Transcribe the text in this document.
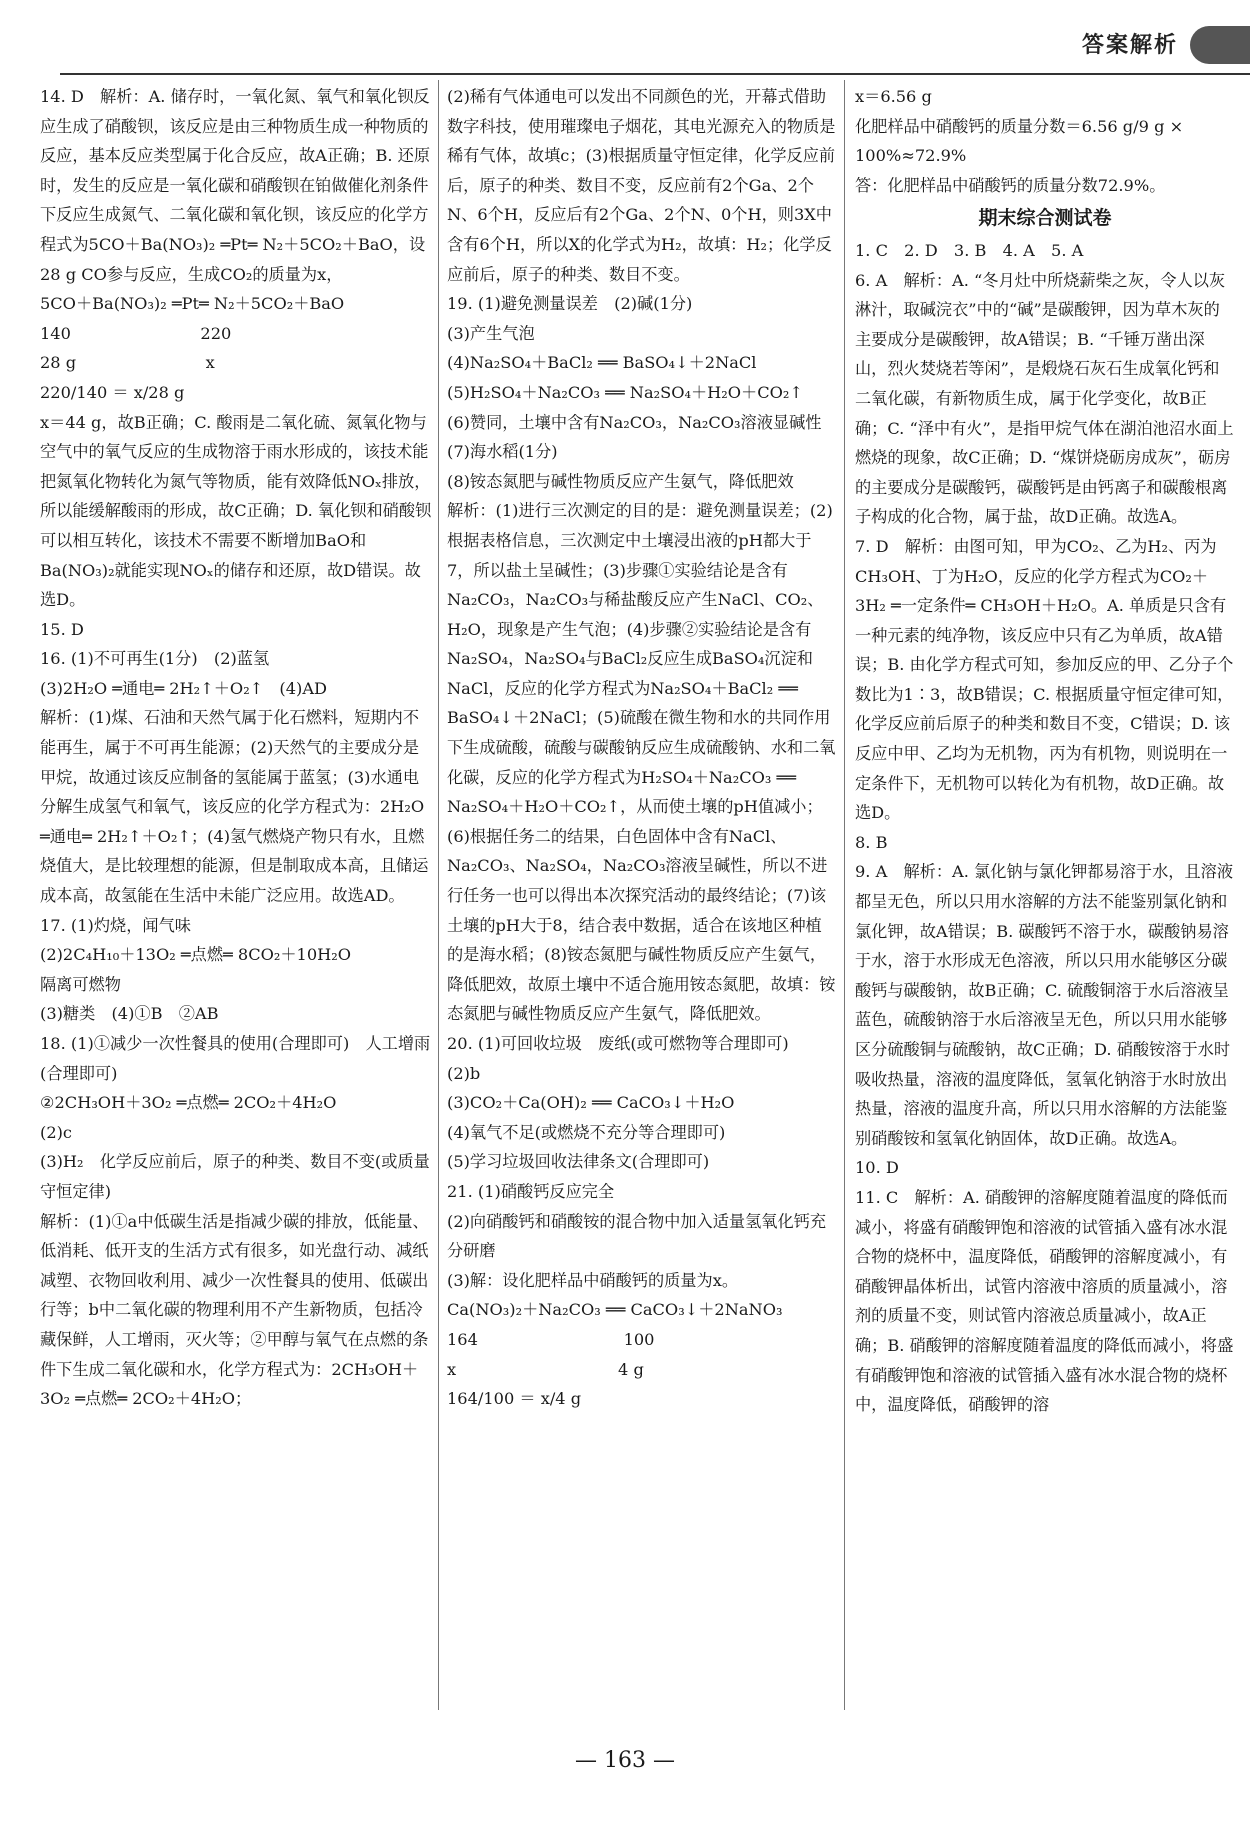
答案解析
14. D　解析：A. 储存时，一氧化氮、氧气和氧化钡反应生成了硝酸钡，该反应是由三种物质生成一种物质的反应，基本反应类型属于化合反应，故A正确；B. 还原时，发生的反应是一氧化碳和硝酸钡在铂做催化剂条件下反应生成氮气、二氧化碳和氧化钡，该反应的化学方程式为5CO＋Ba(NO₃)₂ ═Pt═ N₂＋5CO₂＋BaO，设28 g CO参与反应，生成CO₂的质量为x，
5CO＋Ba(NO₃)₂ ═Pt═ N₂＋5CO₂＋BaO
140　　　　　　　　220
28 g　　　　　　　　x
220/140 ＝ x/28 g
x＝44 g，故B正确；C. 酸雨是二氧化硫、氮氧化物与空气中的氧气反应的生成物溶于雨水形成的，该技术能把氮氧化物转化为氮气等物质，能有效降低NOₓ排放，所以能缓解酸雨的形成，故C正确；D. 氧化钡和硝酸钡可以相互转化，该技术不需要不断增加BaO和Ba(NO₃)₂就能实现NOₓ的储存和还原，故D错误。故选D。
15. D
16. (1)不可再生(1分)　(2)蓝氢
(3)2H₂O ═通电═ 2H₂↑＋O₂↑　(4)AD
解析：(1)煤、石油和天然气属于化石燃料，短期内不能再生，属于不可再生能源；(2)天然气的主要成分是甲烷，故通过该反应制备的氢能属于蓝氢；(3)水通电分解生成氢气和氧气，该反应的化学方程式为：2H₂O ═通电═ 2H₂↑＋O₂↑；(4)氢气燃烧产物只有水，且燃烧值大，是比较理想的能源，但是制取成本高，且储运成本高，故氢能在生活中未能广泛应用。故选AD。
17. (1)灼烧，闻气味
(2)2C₄H₁₀＋13O₂ ═点燃═ 8CO₂＋10H₂O
隔离可燃物
(3)糖类　(4)①B　②AB
18. (1)①减少一次性餐具的使用(合理即可)　人工增雨(合理即可)
②2CH₃OH＋3O₂ ═点燃═ 2CO₂＋4H₂O
(2)c
(3)H₂　化学反应前后，原子的种类、数目不变(或质量守恒定律)
解析：(1)①a中低碳生活是指减少碳的排放，低能量、低消耗、低开支的生活方式有很多，如光盘行动、减纸减塑、衣物回收利用、减少一次性餐具的使用、低碳出行等；b中二氧化碳的物理利用不产生新物质，包括冷藏保鲜，人工增雨，灭火等；②甲醇与氧气在点燃的条件下生成二氧化碳和水，化学方程式为：2CH₃OH＋3O₂ ═点燃═ 2CO₂＋4H₂O；
(2)稀有气体通电可以发出不同颜色的光，开幕式借助数字科技，使用璀璨电子烟花，其电光源充入的物质是稀有气体，故填c；(3)根据质量守恒定律，化学反应前后，原子的种类、数目不变，反应前有2个Ga、2个N、6个H，反应后有2个Ga、2个N、0个H，则3X中含有6个H，所以X的化学式为H₂，故填：H₂；化学反应前后，原子的种类、数目不变。
19. (1)避免测量误差　(2)碱(1分)
(3)产生气泡
(4)Na₂SO₄＋BaCl₂ ══ BaSO₄↓＋2NaCl
(5)H₂SO₄＋Na₂CO₃ ══ Na₂SO₄＋H₂O＋CO₂↑
(6)赞同，土壤中含有Na₂CO₃，Na₂CO₃溶液显碱性
(7)海水稻(1分)
(8)铵态氮肥与碱性物质反应产生氨气，降低肥效
解析：(1)进行三次测定的目的是：避免测量误差；(2)根据表格信息，三次测定中土壤浸出液的pH都大于7，所以盐土呈碱性；(3)步骤①实验结论是含有Na₂CO₃，Na₂CO₃与稀盐酸反应产生NaCl、CO₂、H₂O，现象是产生气泡；(4)步骤②实验结论是含有Na₂SO₄，Na₂SO₄与BaCl₂反应生成BaSO₄沉淀和NaCl，反应的化学方程式为Na₂SO₄＋BaCl₂ ══ BaSO₄↓＋2NaCl；(5)硫酸在微生物和水的共同作用下生成硫酸，硫酸与碳酸钠反应生成硫酸钠、水和二氧化碳，反应的化学方程式为H₂SO₄＋Na₂CO₃ ══ Na₂SO₄＋H₂O＋CO₂↑，从而使土壤的pH值减小；(6)根据任务二的结果，白色固体中含有NaCl、Na₂CO₃、Na₂SO₄，Na₂CO₃溶液呈碱性，所以不进行任务一也可以得出本次探究活动的最终结论；(7)该土壤的pH大于8，结合表中数据，适合在该地区种植的是海水稻；(8)铵态氮肥与碱性物质反应产生氨气，降低肥效，故原土壤中不适合施用铵态氮肥，故填：铵态氮肥与碱性物质反应产生氨气，降低肥效。
20. (1)可回收垃圾　废纸(或可燃物等合理即可)
(2)b
(3)CO₂＋Ca(OH)₂ ══ CaCO₃↓＋H₂O
(4)氧气不足(或燃烧不充分等合理即可)
(5)学习垃圾回收法律条文(合理即可)
21. (1)硝酸钙反应完全
(2)向硝酸钙和硝酸铵的混合物中加入适量氢氧化钙充分研磨
(3)解：设化肥样品中硝酸钙的质量为x。
Ca(NO₃)₂＋Na₂CO₃ ══ CaCO₃↓＋2NaNO₃
164　　　　　　　　　100
x　　　　　　　　　　4 g
164/100 ＝ x/4 g
x＝6.56 g
化肥样品中硝酸钙的质量分数＝6.56 g/9 g ×
100%≈72.9%
答：化肥样品中硝酸钙的质量分数72.9%。
期末综合测试卷
1. C　2. D　3. B　4. A　5. A
6. A　解析：A. “冬月灶中所烧薪柴之灰，令人以灰淋汁，取碱浣衣”中的“碱”是碳酸钾，因为草木灰的主要成分是碳酸钾，故A错误；B. “千锤万凿出深山，烈火焚烧若等闲”，是煅烧石灰石生成氧化钙和二氧化碳，有新物质生成，属于化学变化，故B正确；C. “泽中有火”，是指甲烷气体在湖泊池沼水面上燃烧的现象，故C正确；D. “煤饼烧砺房成灰”，砺房的主要成分是碳酸钙，碳酸钙是由钙离子和碳酸根离子构成的化合物，属于盐，故D正确。故选A。
7. D　解析：由图可知，甲为CO₂、乙为H₂、丙为CH₃OH、丁为H₂O，反应的化学方程式为CO₂＋3H₂ ═一定条件═ CH₃OH＋H₂O。A. 单质是只含有一种元素的纯净物，该反应中只有乙为单质，故A错误；B. 由化学方程式可知，参加反应的甲、乙分子个数比为1∶3，故B错误；C. 根据质量守恒定律可知，化学反应前后原子的种类和数目不变，C错误；D. 该反应中甲、乙均为无机物，丙为有机物，则说明在一定条件下，无机物可以转化为有机物，故D正确。故选D。
8. B
9. A　解析：A. 氯化钠与氯化钾都易溶于水，且溶液都呈无色，所以只用水溶解的方法不能鉴别氯化钠和氯化钾，故A错误；B. 碳酸钙不溶于水，碳酸钠易溶于水，溶于水形成无色溶液，所以只用水能够区分碳酸钙与碳酸钠，故B正确；C. 硫酸铜溶于水后溶液呈蓝色，硫酸钠溶于水后溶液呈无色，所以只用水能够区分硫酸铜与硫酸钠，故C正确；D. 硝酸铵溶于水时吸收热量，溶液的温度降低，氢氧化钠溶于水时放出热量，溶液的温度升高，所以只用水溶解的方法能鉴别硝酸铵和氢氧化钠固体，故D正确。故选A。
10. D
11. C　解析：A. 硝酸钾的溶解度随着温度的降低而减小，将盛有硝酸钾饱和溶液的试管插入盛有冰水混合物的烧杯中，温度降低，硝酸钾的溶解度减小，有硝酸钾晶体析出，试管内溶液中溶质的质量减小，溶剂的质量不变，则试管内溶液总质量减小，故A正确；B. 硝酸钾的溶解度随着温度的降低而减小，将盛有硝酸钾饱和溶液的试管插入盛有冰水混合物的烧杯中，温度降低，硝酸钾的溶
— 163 —
